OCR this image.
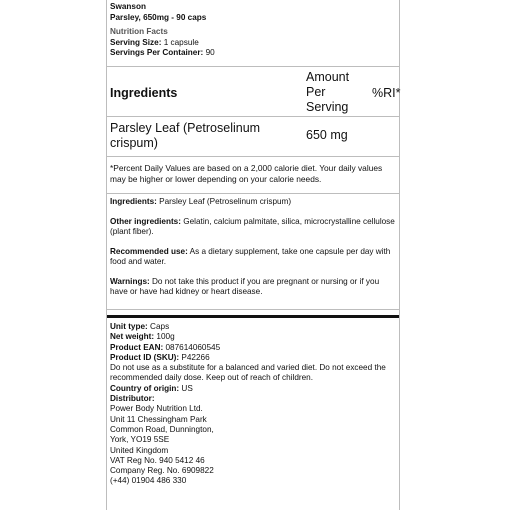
Swanson
Parsley, 650mg - 90 caps
Nutrition Facts
Serving Size: 1 capsule
Servings Per Container: 90
Ingredients
Amount
Per
Serving
%RI*
Parsley Leaf (Petroselinum crispum)
650 mg
*Percent Daily Values are based on a 2,000 calorie diet. Your daily values may be higher or lower depending on your calorie needs.

Ingredients: Parsley Leaf (Petroselinum crispum)

Other ingredients: Gelatin, calcium palmitate, silica, microcrystalline cellulose (plant fiber).

Recommended use: As a dietary supplement, take one capsule per day with food and water.

Warnings: Do not take this product if you are pregnant or nursing or if you have or have had kidney or heart disease.

Unit type: Caps
Net weight: 100g
Product EAN: 087614060545
Product ID (SKU): P42266
Do not use as a substitute for a balanced and varied diet. Do not exceed the recommended daily dose. Keep out of reach of children.
Country of origin: US
Distributor:
Power Body Nutrition Ltd.
Unit 11 Chessingham Park
Common Road, Dunnington,
York, YO19 5SE
United Kingdom
VAT Reg No. 940 5412 46
Company Reg. No. 6909822
(+44) 01904 486 330
